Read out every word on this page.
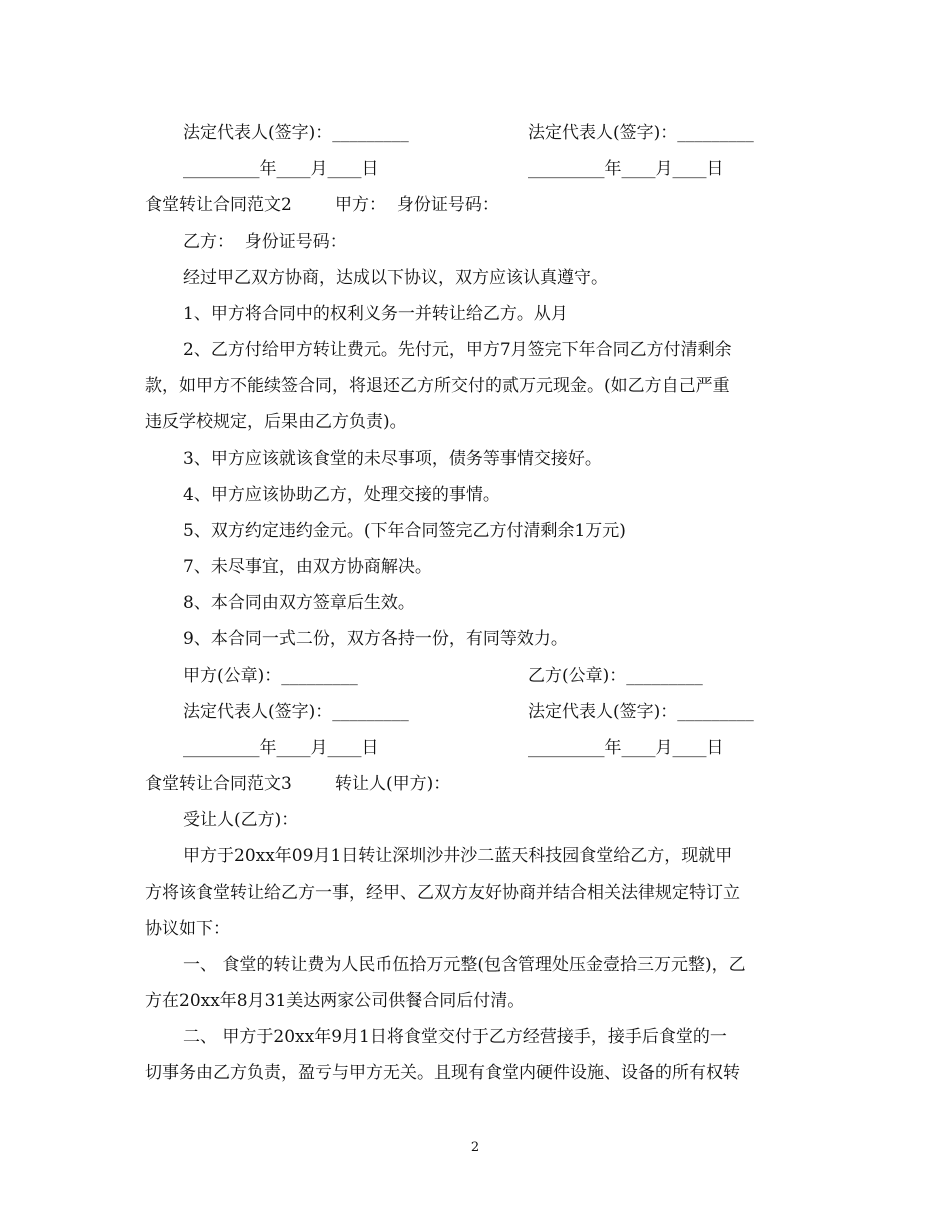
法定代表人(签字)：_________

	法定代表人(签字)：_________

_________年____月____日

	_________年____月____日

食堂转让合同范文2        甲方：  身份证号码：

乙方：  身份证号码：

经过甲乙双方协商，达成以下协议，双方应该认真遵守。

1、甲方将合同中的权利义务一并转让给乙方。从月

2、乙方付给甲方转让费元。先付元，甲方7月签完下年合同乙方付清剩余

款，如甲方不能续签合同，将退还乙方所交付的贰万元现金。(如乙方自己严重

违反学校规定，后果由乙方负责)。

3、甲方应该就该食堂的未尽事项，债务等事情交接好。

4、甲方应该协助乙方，处理交接的事情。

5、双方约定违约金元。(下年合同签完乙方付清剩余1万元)

7、未尽事宜，由双方协商解决。

8、本合同由双方签章后生效。

9、本合同一式二份，双方各持一份，有同等效力。

甲方(公章)：_________

	乙方(公章)：_________

法定代表人(签字)：_________

	法定代表人(签字)：_________

_________年____月____日

	_________年____月____日

食堂转让合同范文3        转让人(甲方)：

受让人(乙方)：

甲方于20xx年09月1日转让深圳沙井沙二蓝天科技园食堂给乙方，现就甲

方将该食堂转让给乙方一事，经甲、乙双方友好协商并结合相关法律规定特订立

协议如下：

一、 食堂的转让费为人民币伍拾万元整(包含管理处压金壹拾三万元整)，乙

方在20xx年8月31美达两家公司供餐合同后付清。

二、 甲方于20xx年9月1日将食堂交付于乙方经营接手，接手后食堂的一

切事务由乙方负责，盈亏与甲方无关。且现有食堂内硬件设施、设备的所有权转

2
